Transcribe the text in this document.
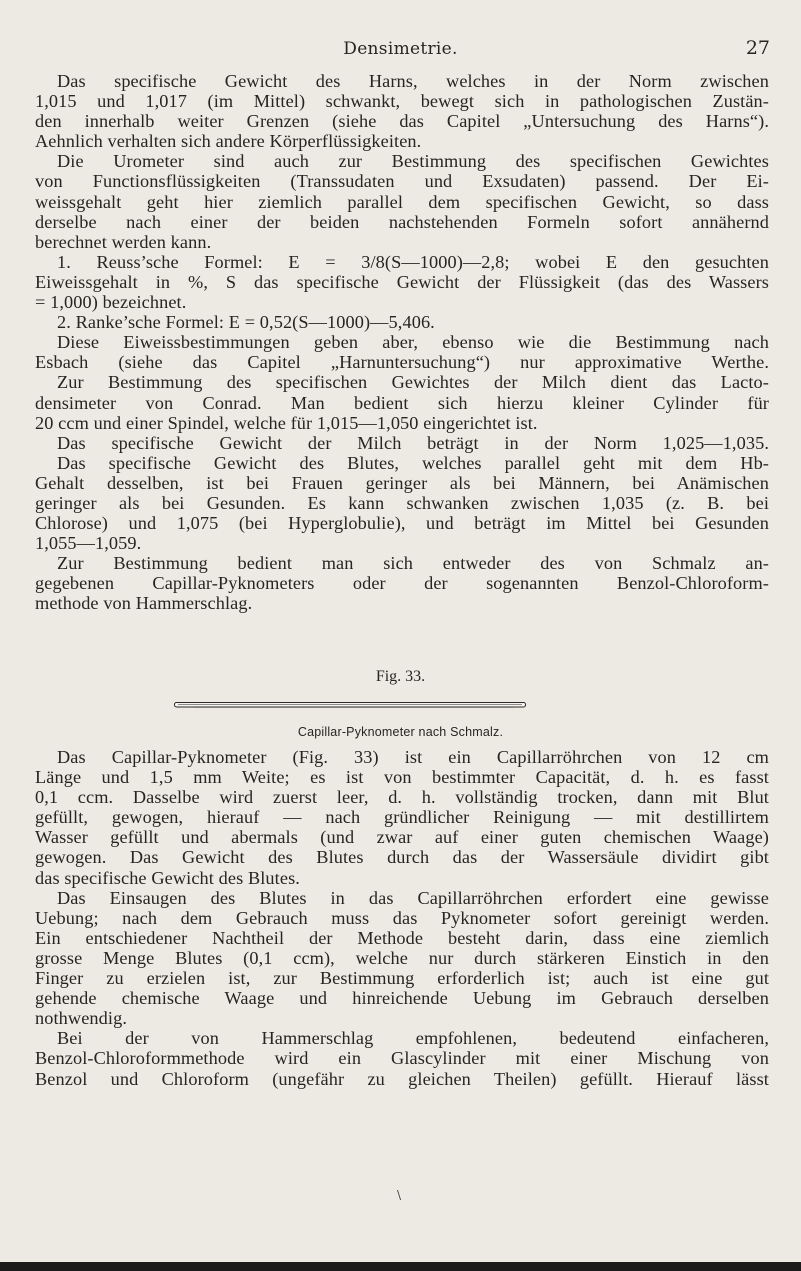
Densimetrie.	27
Das specifische Gewicht des Harns, welches in der Norm zwischen
1,015 und 1,017 (im Mittel) schwankt, bewegt sich in pathologischen Zustän-
den innerhalb weiter Grenzen (siehe das Capitel „Untersuchung des Harns“).
Aehnlich verhalten sich andere Körperflüssigkeiten.
Die Urometer sind auch zur Bestimmung des specifischen Gewichtes
von Functionsflüssigkeiten (Transsudaten und Exsudaten) passend. Der Ei-
weissgehalt geht hier ziemlich parallel dem specifischen Gewicht, so dass
derselbe nach einer der beiden nachstehenden Formeln sofort annähernd
berechnet werden kann.
1. Reuss’sche Formel: E = 3/8(S—1000)—2,8; wobei E den gesuchten
Eiweissgehalt in %, S das specifische Gewicht der Flüssigkeit (das des Wassers
= 1,000) bezeichnet.
2. Ranke’sche Formel: E = 0,52(S—1000)—5,406.
Diese Eiweissbestimmungen geben aber, ebenso wie die Bestimmung nach
Esbach (siehe das Capitel „Harnuntersuchung“) nur approximative Werthe.
Zur Bestimmung des specifischen Gewichtes der Milch dient das Lacto-
densimeter von Conrad. Man bedient sich hierzu kleiner Cylinder für
20 ccm und einer Spindel, welche für 1,015—1,050 eingerichtet ist.
Das specifische Gewicht der Milch beträgt in der Norm 1,025—1,035.
Das specifische Gewicht des Blutes, welches parallel geht mit dem Hb-
Gehalt desselben, ist bei Frauen geringer als bei Männern, bei Anämischen
geringer als bei Gesunden. Es kann schwanken zwischen 1,035 (z. B. bei
Chlorose) und 1,075 (bei Hyperglobulie), und beträgt im Mittel bei Gesunden
1,055—1,059.
Zur Bestimmung bedient man sich entweder des von Schmalz an-
gegebenen Capillar-Pyknometers oder der sogenannten Benzol-Chloroform-
methode von Hammerschlag.
Fig. 33.
Capillar-Pyknometer nach Schmalz.
Das Capillar-Pyknometer (Fig. 33) ist ein Capillarröhrchen von 12 cm
Länge und 1,5 mm Weite; es ist von bestimmter Capacität, d. h. es fasst
0,1 ccm. Dasselbe wird zuerst leer, d. h. vollständig trocken, dann mit Blut
gefüllt, gewogen, hierauf — nach gründlicher Reinigung — mit destillirtem
Wasser gefüllt und abermals (und zwar auf einer guten chemischen Waage)
gewogen. Das Gewicht des Blutes durch das der Wassersäule dividirt gibt
das specifische Gewicht des Blutes.
Das Einsaugen des Blutes in das Capillarröhrchen erfordert eine gewisse
Uebung; nach dem Gebrauch muss das Pyknometer sofort gereinigt werden.
Ein entschiedener Nachtheil der Methode besteht darin, dass eine ziemlich
grosse Menge Blutes (0,1 ccm), welche nur durch stärkeren Einstich in den
Finger zu erzielen ist, zur Bestimmung erforderlich ist; auch ist eine gut
gehende chemische Waage und hinreichende Uebung im Gebrauch derselben
nothwendig.
Bei der von Hammerschlag empfohlenen, bedeutend einfacheren,
Benzol-Chloroformmethode wird ein Glascylinder mit einer Mischung von
Benzol und Chloroform (ungefähr zu gleichen Theilen) gefüllt. Hierauf lässt
\
